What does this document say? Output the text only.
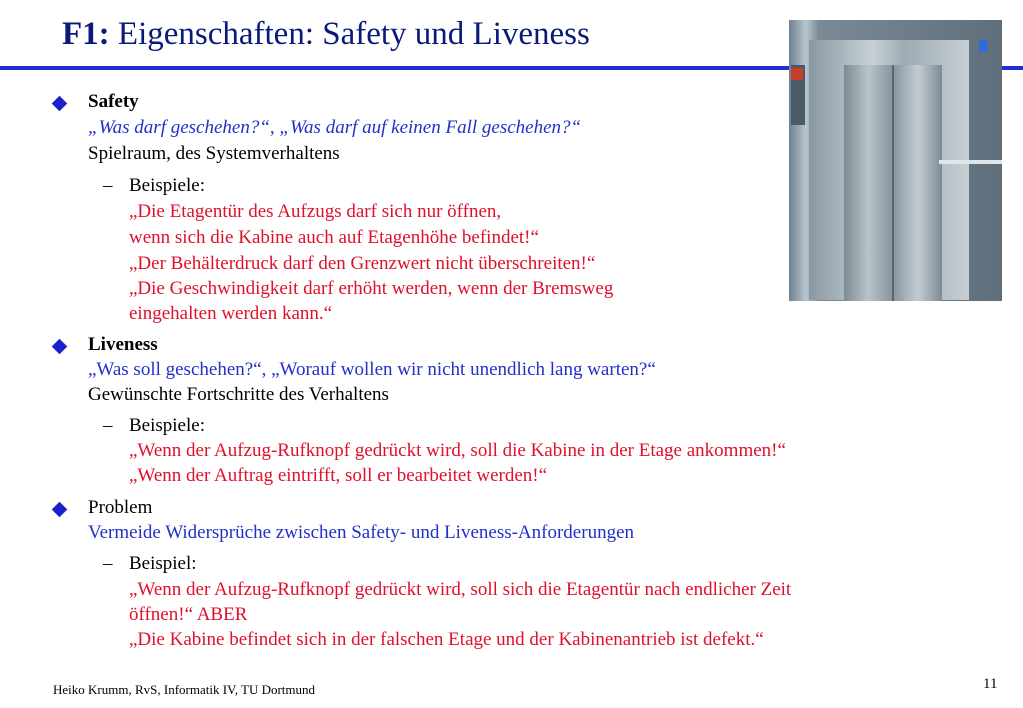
F1: Eigenschaften: Safety und Liveness
Safety
„Was darf geschehen?“, „Was darf auf keinen Fall geschehen?“
Spielraum, des Systemverhaltens
– Beispiele:
„Die Etagentür des Aufzugs darf sich nur öffnen,
wenn sich die Kabine auch auf Etagenhöhe befindet!“
„Der Behälterdruck darf den Grenzwert nicht überschreiten!“
„Die Geschwindigkeit darf erhöht werden, wenn der Bremsweg
eingehalten werden kann.“
Liveness
„Was soll geschehen?“, „Worauf wollen wir nicht unendlich lang warten?“
Gewünschte Fortschritte des Verhaltens
– Beispiele:
„Wenn der Aufzug-Rufknopf gedrückt wird, soll die Kabine in der Etage ankommen!“
„Wenn der Auftrag eintrifft, soll er bearbeitet werden!“
Problem
Vermeide Widersprüche zwischen Safety- und Liveness-Anforderungen
– Beispiel:
„Wenn der Aufzug-Rufknopf gedrückt wird, soll sich die Etagentür nach endlicher Zeit
öffnen!“ ABER
„Die Kabine befindet sich in der falschen Etage und der Kabinenantrieb ist defekt.“
Heiko Krumm, RvS, Informatik IV, TU Dortmund	11
